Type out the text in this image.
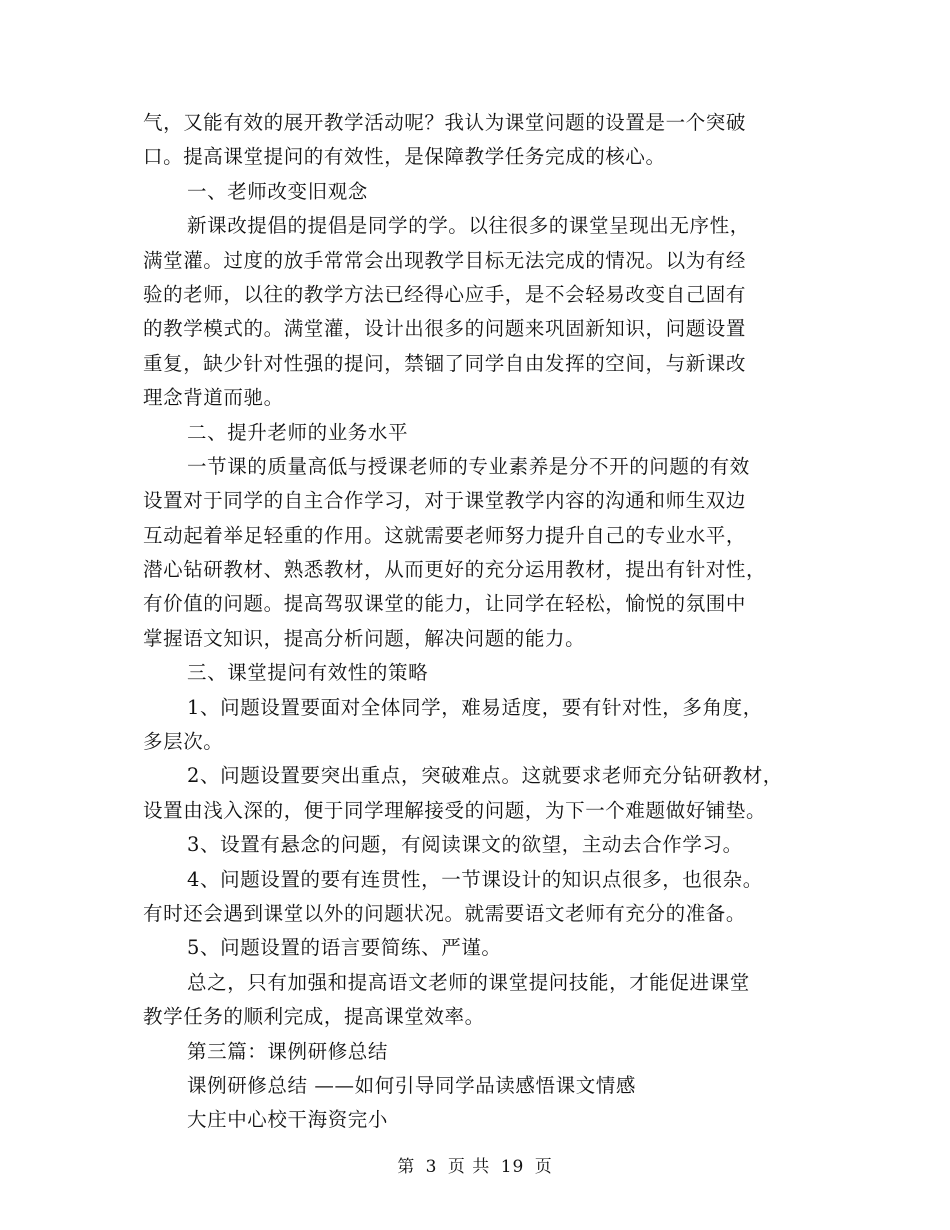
气，又能有效的展开教学活动呢？我认为课堂问题的设置是一个突破
口。提高课堂提问的有效性，是保障教学任务完成的核心。
一、老师改变旧观念
新课改提倡的提倡是同学的学。以往很多的课堂呈现出无序性，
满堂灌。过度的放手常常会出现教学目标无法完成的情况。以为有经
验的老师，以往的教学方法已经得心应手，是不会轻易改变自己固有
的教学模式的。满堂灌，设计出很多的问题来巩固新知识，问题设置
重复，缺少针对性强的提问，禁锢了同学自由发挥的空间，与新课改
理念背道而驰。
二、提升老师的业务水平
一节课的质量高低与授课老师的专业素养是分不开的问题的有效
设置对于同学的自主合作学习，对于课堂教学内容的沟通和师生双边
互动起着举足轻重的作用。这就需要老师努力提升自己的专业水平，
潜心钻研教材、熟悉教材，从而更好的充分运用教材，提出有针对性，
有价值的问题。提高驾驭课堂的能力，让同学在轻松，愉悦的氛围中
掌握语文知识，提高分析问题，解决问题的能力。
三、课堂提问有效性的策略
1、问题设置要面对全体同学，难易适度，要有针对性，多角度，
多层次。
2、问题设置要突出重点，突破难点。这就要求老师充分钻研教材，
设置由浅入深的，便于同学理解接受的问题，为下一个难题做好铺垫。
3、设置有悬念的问题，有阅读课文的欲望，主动去合作学习。
4、问题设置的要有连贯性，一节课设计的知识点很多，也很杂。
有时还会遇到课堂以外的问题状况。就需要语文老师有充分的准备。
5、问题设置的语言要简练、严谨。
总之，只有加强和提高语文老师的课堂提问技能，才能促进课堂
教学任务的顺利完成，提高课堂效率。
第三篇：课例研修总结
课例研修总结 ——如何引导同学品读感悟课文情感
大庄中心校干海资完小
第 3 页 共 19 页
